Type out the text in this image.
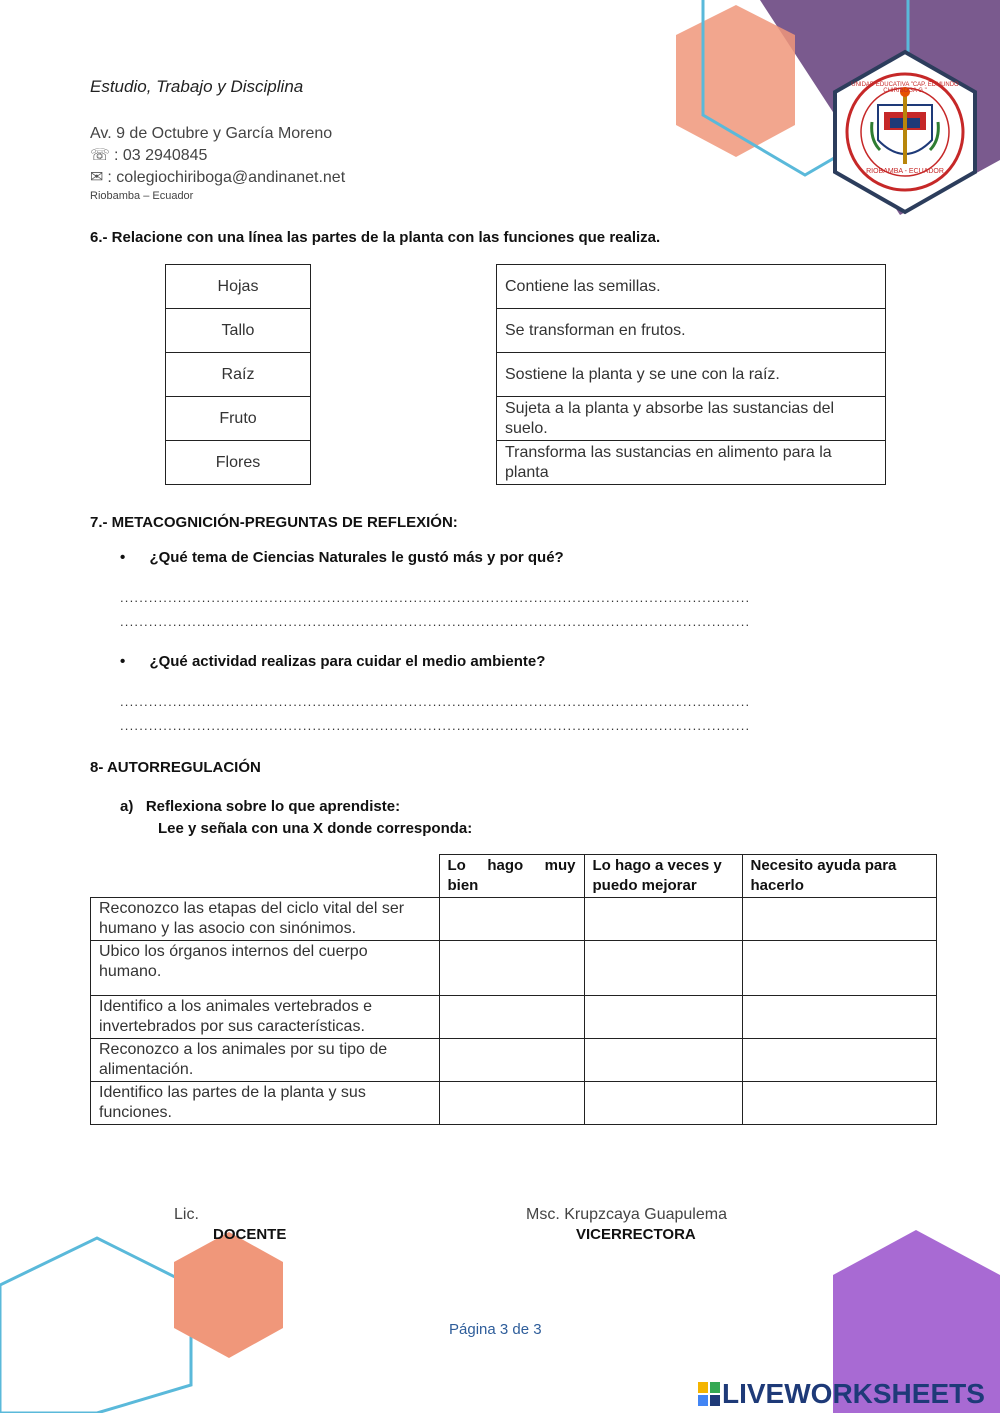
RIOBAMBA - ECUADOR
UNIDAD EDUCATIVA "CAP. EDMUNDO CHIRIBOGA G."
Estudio, Trabajo y Disciplina
Av. 9 de Octubre y García Moreno
☏ : 03 2940845
✉ : colegiochiriboga@andinanet.net
Riobamba – Ecuador
6.- Relacione con una línea las partes de la planta con las funciones que realiza.
Hojas
Tallo
Raíz
Fruto
Flores
Contiene las semillas.
Se transforman en frutos.
Sostiene la planta y se une con la raíz.
Sujeta a la planta y absorbe las sustancias del suelo.
Transforma las sustancias en alimento para la planta
7.- METACOGNICIÓN-PREGUNTAS DE REFLEXIÓN:
• ¿Qué tema de Ciencias Naturales le gustó más y por qué?
...................................................................................................................................
...................................................................................................................................
• ¿Qué actividad realizas para cuidar el medio ambiente?
...................................................................................................................................
...................................................................................................................................
8- AUTORREGULACIÓN
a)   Reflexiona sobre lo que aprendiste:
Lee y señala con una X donde corresponda:
	Lo hago muy bien	Lo hago a veces y puedo mejorar	Necesito ayuda para hacerlo
Reconozco las etapas del ciclo vital del ser humano y las asocio con sinónimos.			
Ubico los órganos internos del cuerpo humano.			
Identifico a los animales vertebrados e invertebrados por sus características.			
Reconozco a los animales por su tipo de alimentación.			
Identifico las partes de la planta y sus funciones.			
Lic.
DOCENTE
Msc. Krupzcaya Guapulema
VICERRECTORA
Página 3 de 3
LIVEWORKSHEETS
